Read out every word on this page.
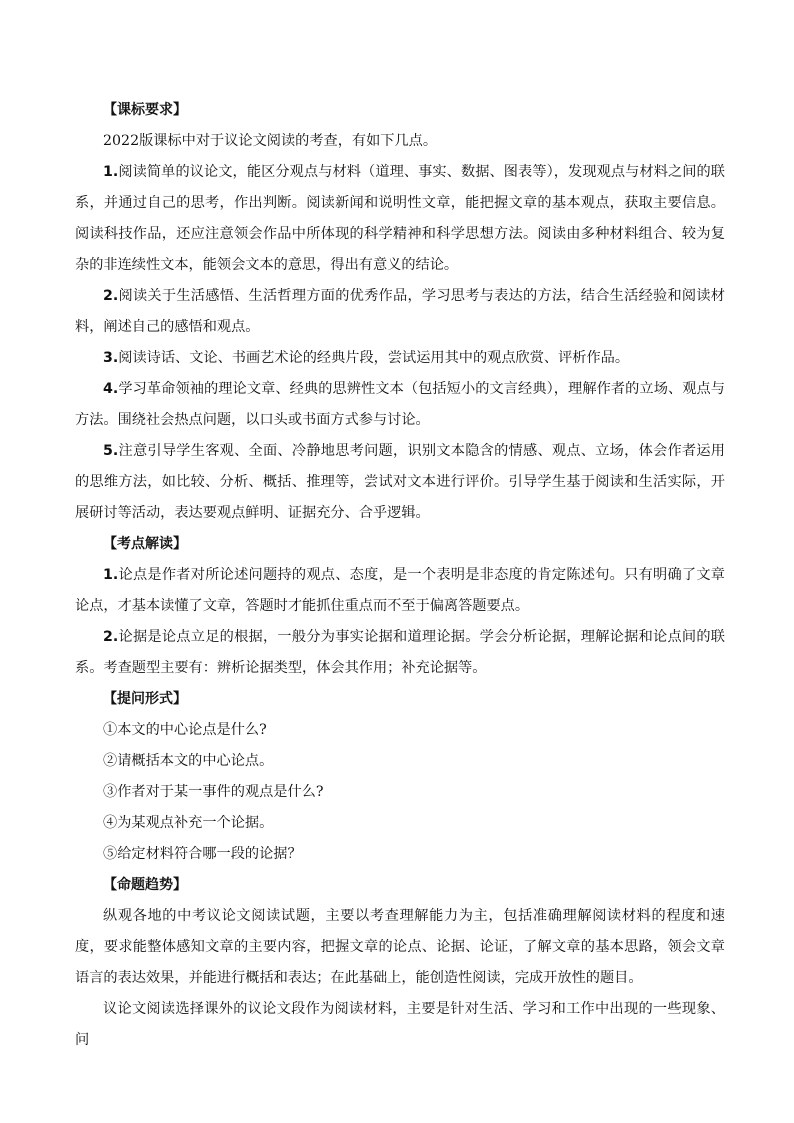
【课标要求】

2022版课标中对于议论文阅读的考查，有如下几点。

1.阅读简单的议论文，能区分观点与材料（道理、事实、数据、图表等），发现观点与材料之间的联系，并通过自己的思考，作出判断。阅读新闻和说明性文章，能把握文章的基本观点，获取主要信息。阅读科技作品，还应注意领会作品中所体现的科学精神和科学思想方法。阅读由多种材料组合、较为复杂的非连续性文本，能领会文本的意思，得出有意义的结论。

2.阅读关于生活感悟、生活哲理方面的优秀作品，学习思考与表达的方法，结合生活经验和阅读材料，阐述自己的感悟和观点。

3.阅读诗话、文论、书画艺术论的经典片段，尝试运用其中的观点欣赏、评析作品。

4.学习革命领袖的理论文章、经典的思辨性文本（包括短小的文言经典），理解作者的立场、观点与方法。围绕社会热点问题，以口头或书面方式参与讨论。

5.注意引导学生客观、全面、冷静地思考问题，识别文本隐含的情感、观点、立场，体会作者运用的思维方法，如比较、分析、概括、推理等，尝试对文本进行评价。引导学生基于阅读和生活实际，开展研讨等活动，表达要观点鲜明、证据充分、合乎逻辑。

【考点解读】

1.论点是作者对所论述问题持的观点、态度，是一个表明是非态度的肯定陈述句。只有明确了文章论点，才基本读懂了文章，答题时才能抓住重点而不至于偏离答题要点。

2.论据是论点立足的根据，一般分为事实论据和道理论据。学会分析论据，理解论据和论点间的联系。考查题型主要有：辨析论据类型，体会其作用；补充论据等。

【提问形式】

①本文的中心论点是什么?

②请概括本文的中心论点。

③作者对于某一事件的观点是什么?

④为某观点补充一个论据。

⑤给定材料符合哪一段的论据？

【命题趋势】

纵观各地的中考议论文阅读试题，主要以考查理解能力为主，包括准确理解阅读材料的程度和速度，要求能整体感知文章的主要内容，把握文章的论点、论据、论证，了解文章的基本思路，领会文章语言的表达效果，并能进行概括和表达；在此基础上，能创造性阅读，完成开放性的题目。

议论文阅读选择课外的议论文段作为阅读材料，主要是针对生活、学习和工作中出现的一些现象、问
